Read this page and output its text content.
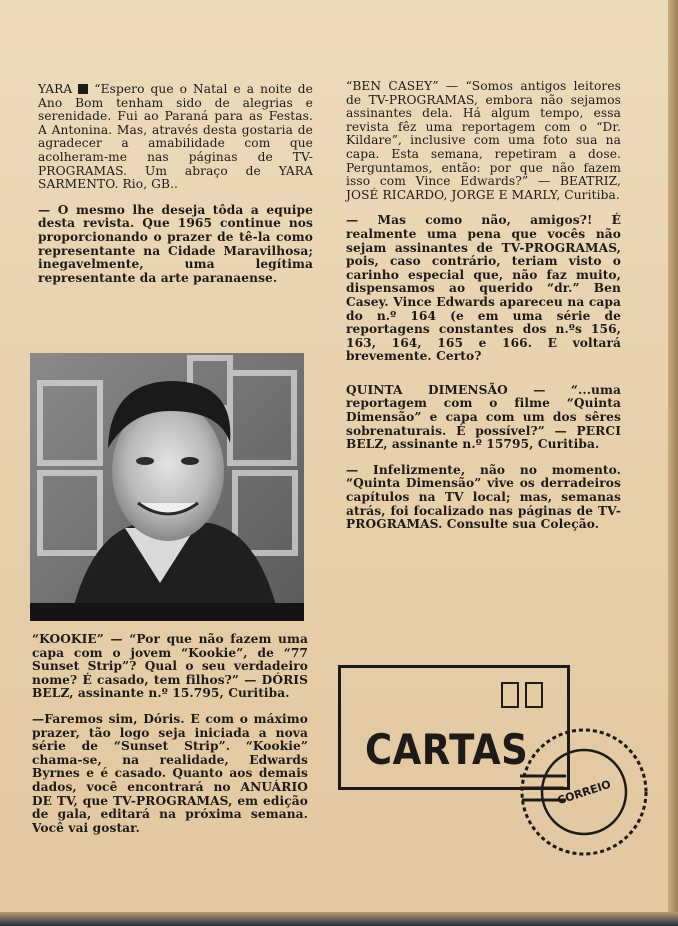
YARA “Espero que o Natal e a noite de Ano Bom tenham sido de alegrias e serenidade. Fui ao Paraná para as Festas. A Antonina. Mas, através desta gostaria de agradecer a amabilidade com que acolheram-me nas páginas de TV-PROGRAMAS. Um abraço de YARA SARMENTO. Rio, GB..

— O mesmo lhe deseja tôda a equipe desta revista. Que 1965 continue nos proporcionando o prazer de tê-la como representante na Cidade Maravilhosa; inegavelmente, uma legítima representante da arte paranaense.

“KOOKIE” — “Por que não fazem uma capa com o jovem “Kookie”, de “77 Sunset Strip”? Qual o seu verdadeiro nome? É casado, tem filhos?” — DÓRIS BELZ, assinante n.º 15.795, Curitiba.

—Faremos sim, Dóris. E com o máximo prazer, tão logo seja iniciada a nova série de “Sunset Strip”. “Kookie” chama-se, na realidade, Edwards Byrnes e é casado. Quanto aos demais dados, você encontrará no ANUÁRIO DE TV, que TV-PROGRAMAS, em edição de gala, editará na próxima semana. Você vai gostar.

“BEN CASEY” — “Somos antigos leitores de TV-PROGRAMAS, embora não sejamos assinantes dela. Há algum tempo, essa revista fêz uma reportagem com o “Dr. Kildare”, inclusive com uma foto sua na capa. Esta semana, repetiram a dose. Perguntamos, então: por que não fazem isso com Vince Edwards?” — BEATRIZ, JOSÉ RICARDO, JORGE E MARLY, Curitiba.

— Mas como não, amigos?! É realmente uma pena que vocês não sejam assinantes de TV-PROGRAMAS, pois, caso contrário, teriam visto o carinho especial que, não faz muito, dispensamos ao querido “dr.” Ben Casey. Vince Edwards apareceu na capa do n.º 164 (e em uma série de reportagens constantes dos n.ºs 156, 163, 164, 165 e 166. E voltará brevemente. Certo?

QUINTA DIMENSÃO — “...uma reportagem com o filme “Quinta Dimensão” e capa com um dos sêres sobrenaturais. É possível?” — PERCI BELZ, assinante n.º 15795, Curitiba.

— Infelizmente, não no momento. “Quinta Dimensão” vive os derradeiros capítulos na TV local; mas, semanas atrás, foi focalizado nas páginas de TV-PROGRAMAS. Consulte sua Coleção.

CARTAS
CORREIO
